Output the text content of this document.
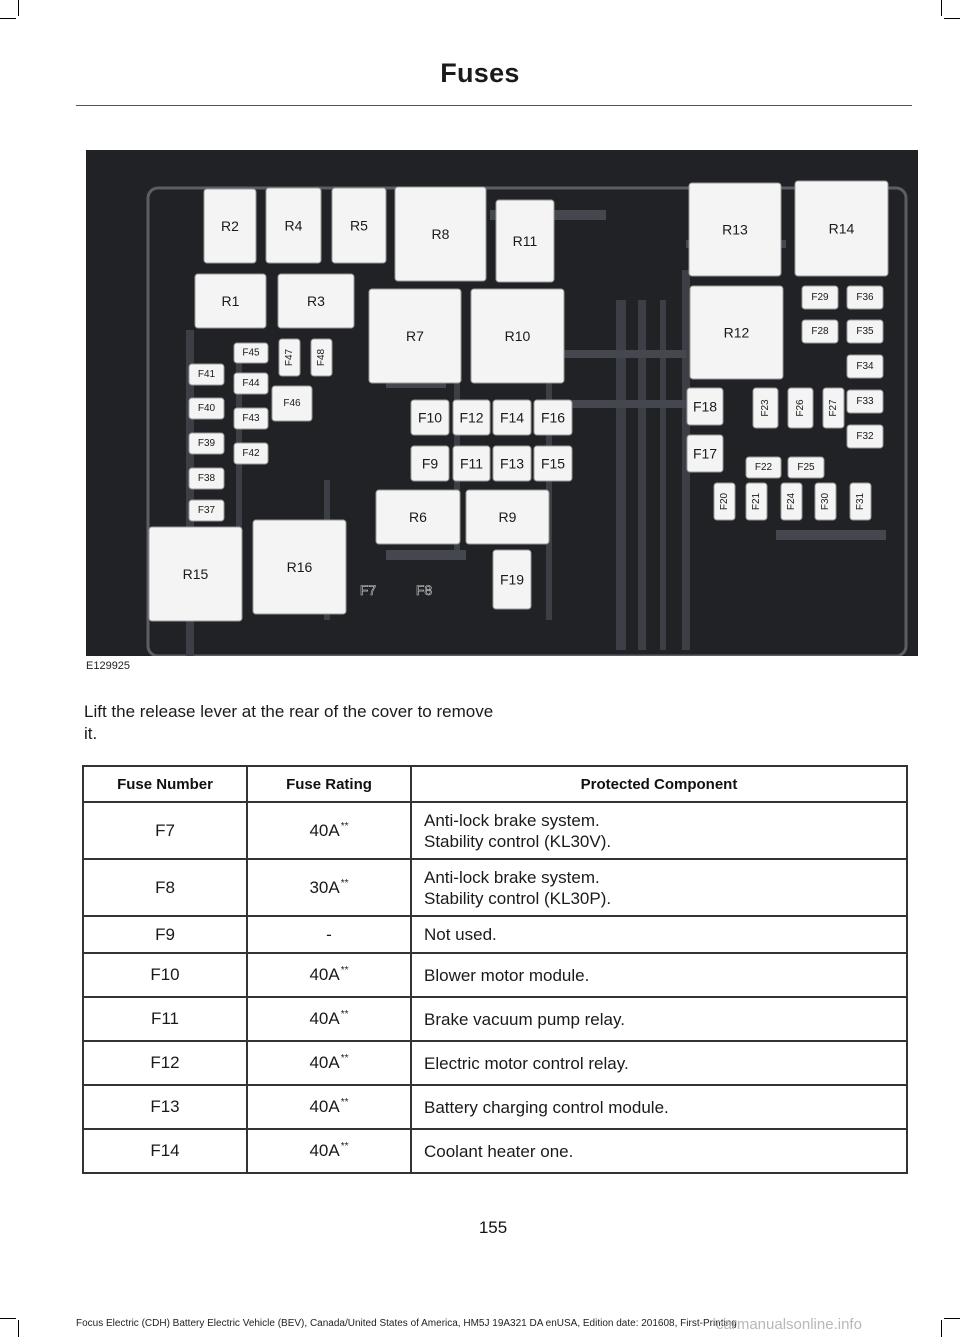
Fuses
R2	R4	R5
R8	R11
R13	R14
R1	R3
R7	R10	R12
F29	F36
F28	F35
F34
F33
F32
F45 F47 F48
F44
F41
F40
F39
F38
F37
F46
F43
F42
F10 F12 F14 F16
F9 F11 F13 F15
F18
F17
F23 F26 F27
F22	F25
F20 F21 F24 F30 F31
R6	R9
R15	R16
F19
F7	F8
E129925
Lift the release lever at the rear of the cover to remove it.
Fuse Number	Fuse Rating	Protected Component
F7	40A**	Anti-lock brake system.
Stability control (KL30V).

F8	30A**	Anti-lock brake system.
Stability control (KL30P).

F9	-	Not used.

F10	40A**	Blower motor module.

F11	40A**	Brake vacuum pump relay.

F12	40A**	Electric motor control relay.

F13	40A**	Battery charging control module.

F14	40A**	Coolant heater one.
155
Focus Electric (CDH) Battery Electric Vehicle (BEV), Canada/United States of America, HM5J 19A321 DA enUSA, Edition date: 201608, First-Printing
carmanualsonline.info
